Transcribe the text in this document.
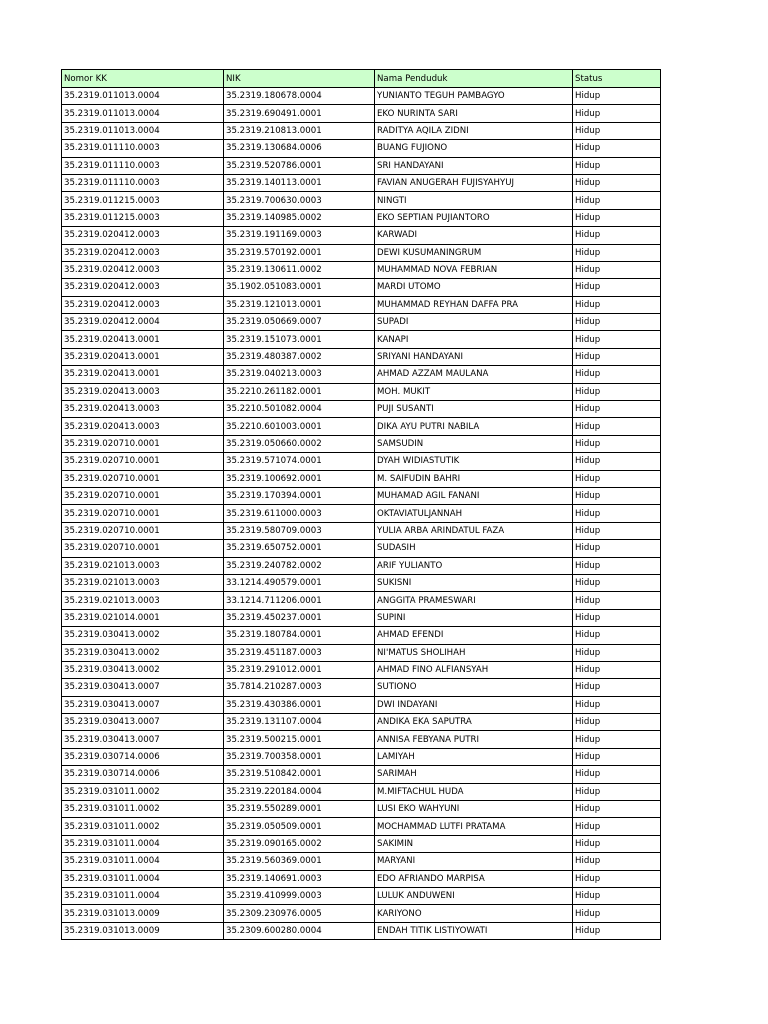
Nomor KK	NIK	Nama Penduduk	Status
35.2319.011013.0004	35.2319.180678.0004	YUNIANTO TEGUH PAMBAGYO	Hidup
35.2319.011013.0004	35.2319.690491.0001	EKO NURINTA SARI	Hidup
35.2319.011013.0004	35.2319.210813.0001	RADITYA AQILA ZIDNI	Hidup
35.2319.011110.0003	35.2319.130684.0006	BUANG FUJIONO	Hidup
35.2319.011110.0003	35.2319.520786.0001	SRI HANDAYANI	Hidup
35.2319.011110.0003	35.2319.140113.0001	FAVIAN ANUGERAH FUJISYAHYUJ	Hidup
35.2319.011215.0003	35.2319.700630.0003	NINGTI	Hidup
35.2319.011215.0003	35.2319.140985.0002	EKO SEPTIAN PUJIANTORO	Hidup
35.2319.020412.0003	35.2319.191169.0003	KARWADI	Hidup
35.2319.020412.0003	35.2319.570192.0001	DEWI KUSUMANINGRUM	Hidup
35.2319.020412.0003	35.2319.130611.0002	MUHAMMAD NOVA FEBRIAN	Hidup
35.2319.020412.0003	35.1902.051083.0001	MARDI UTOMO	Hidup
35.2319.020412.0003	35.2319.121013.0001	MUHAMMAD REYHAN DAFFA PRA	Hidup
35.2319.020412.0004	35.2319.050669.0007	SUPADI	Hidup
35.2319.020413.0001	35.2319.151073.0001	KANAPI	Hidup
35.2319.020413.0001	35.2319.480387.0002	SRIYANI HANDAYANI	Hidup
35.2319.020413.0001	35.2319.040213.0003	AHMAD AZZAM MAULANA	Hidup
35.2319.020413.0003	35.2210.261182.0001	MOH. MUKIT	Hidup
35.2319.020413.0003	35.2210.501082.0004	PUJI SUSANTI	Hidup
35.2319.020413.0003	35.2210.601003.0001	DIKA AYU PUTRI NABILA	Hidup
35.2319.020710.0001	35.2319.050660.0002	SAMSUDIN	Hidup
35.2319.020710.0001	35.2319.571074.0001	DYAH WIDIASTUTIK	Hidup
35.2319.020710.0001	35.2319.100692.0001	M. SAIFUDIN BAHRI	Hidup
35.2319.020710.0001	35.2319.170394.0001	MUHAMAD AGIL FANANI	Hidup
35.2319.020710.0001	35.2319.611000.0003	OKTAVIATULJANNAH	Hidup
35.2319.020710.0001	35.2319.580709.0003	YULIA ARBA ARINDATUL FAZA	Hidup
35.2319.020710.0001	35.2319.650752.0001	SUDASIH	Hidup
35.2319.021013.0003	35.2319.240782.0002	ARIF YULIANTO	Hidup
35.2319.021013.0003	33.1214.490579.0001	SUKISNI	Hidup
35.2319.021013.0003	33.1214.711206.0001	ANGGITA PRAMESWARI	Hidup
35.2319.021014.0001	35.2319.450237.0001	SUPINI	Hidup
35.2319.030413.0002	35.2319.180784.0001	AHMAD EFENDI	Hidup
35.2319.030413.0002	35.2319.451187.0003	NI'MATUS SHOLIHAH	Hidup
35.2319.030413.0002	35.2319.291012.0001	AHMAD FINO ALFIANSYAH	Hidup
35.2319.030413.0007	35.7814.210287.0003	SUTIONO	Hidup
35.2319.030413.0007	35.2319.430386.0001	DWI INDAYANI	Hidup
35.2319.030413.0007	35.2319.131107.0004	ANDIKA EKA SAPUTRA	Hidup
35.2319.030413.0007	35.2319.500215.0001	ANNISA FEBYANA PUTRI	Hidup
35.2319.030714.0006	35.2319.700358.0001	LAMIYAH	Hidup
35.2319.030714.0006	35.2319.510842.0001	SARIMAH	Hidup
35.2319.031011.0002	35.2319.220184.0004	M.MIFTACHUL HUDA	Hidup
35.2319.031011.0002	35.2319.550289.0001	LUSI EKO WAHYUNI	Hidup
35.2319.031011.0002	35.2319.050509.0001	MOCHAMMAD LUTFI PRATAMA	Hidup
35.2319.031011.0004	35.2319.090165.0002	SAKIMIN	Hidup
35.2319.031011.0004	35.2319.560369.0001	MARYANI	Hidup
35.2319.031011.0004	35.2319.140691.0003	EDO AFRIANDO MARPISA	Hidup
35.2319.031011.0004	35.2319.410999.0003	LULUK ANDUWENI	Hidup
35.2319.031013.0009	35.2309.230976.0005	KARIYONO	Hidup
35.2319.031013.0009	35.2309.600280.0004	ENDAH TITIK LISTIYOWATI	Hidup
